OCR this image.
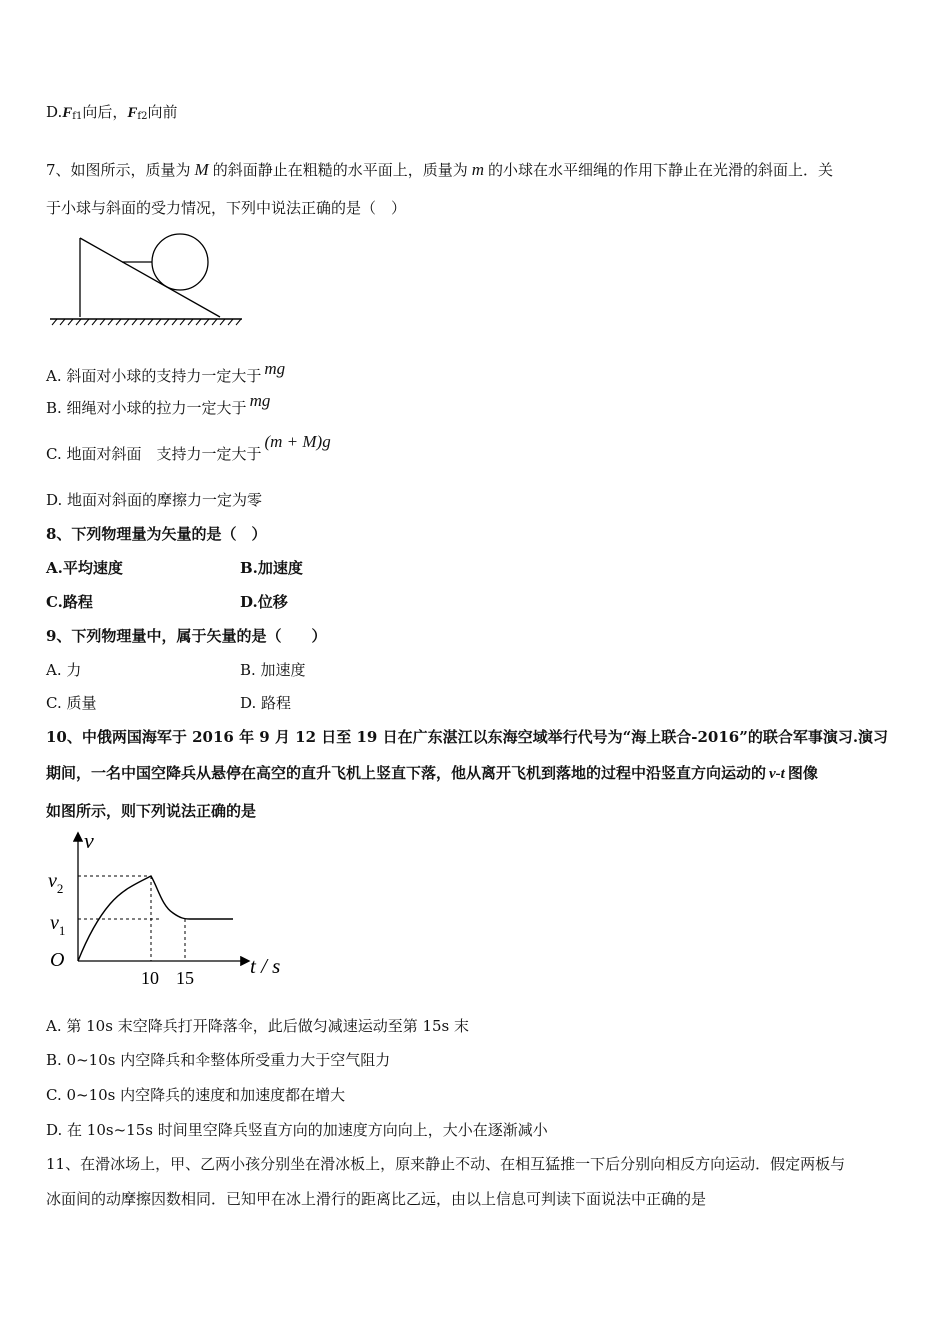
$D.F_{f1}$向后，$F_{f2}$向前
7、如图所示，质量为 M 的斜面静止在粗糙的水平面上，质量为 m 的小球在水平细绳的作用下静止在光滑的斜面上．关
于小球与斜面的受力情况，下列中说法正确的是（　）
A. 斜面对小球的支持力一定大于 mg
B. 细绳对小球的拉力一定大于 mg
C. 地面对斜面　支持力一定大于(m + M)g
D. 地面对斜面的摩擦力一定为零
8、下列物理量为矢量的是（　）
A.平均速度	B.加速度
C.路程	D.位移
9、下列物理量中，属于矢量的是（　　）
A. 力	B. 加速度
C. 质量	D. 路程
10、中俄两国海军于 2016 年 9 月 12 日至 19 日在广东湛江以东海空域举行代号为“海上联合-2016”的联合军事演习.演习
期间，一名中国空降兵从悬停在高空的直升飞机上竖直下落，他从离开飞机到落地的过程中沿竖直方向运动的 v-t 图像
如图所示，则下列说法正确的是
v
t / s
O
$v_2$
$v_1$
10 15
A. 第 10s 末空降兵打开降落伞，此后做匀减速运动至第 15s 末
B. 0~10s 内空降兵和伞整体所受重力大于空气阻力
C. 0~10s 内空降兵的速度和加速度都在增大
D. 在 10s~15s 时间里空降兵竖直方向的加速度方向向上，大小在逐渐减小
11、在滑冰场上，甲、乙两小孩分别坐在滑冰板上，原来静止不动、在相互猛推一下后分别向相反方向运动．假定两板与
冰面间的动摩擦因数相同．已知甲在冰上滑行的距离比乙远，由以上信息可判读下面说法中正确的是
